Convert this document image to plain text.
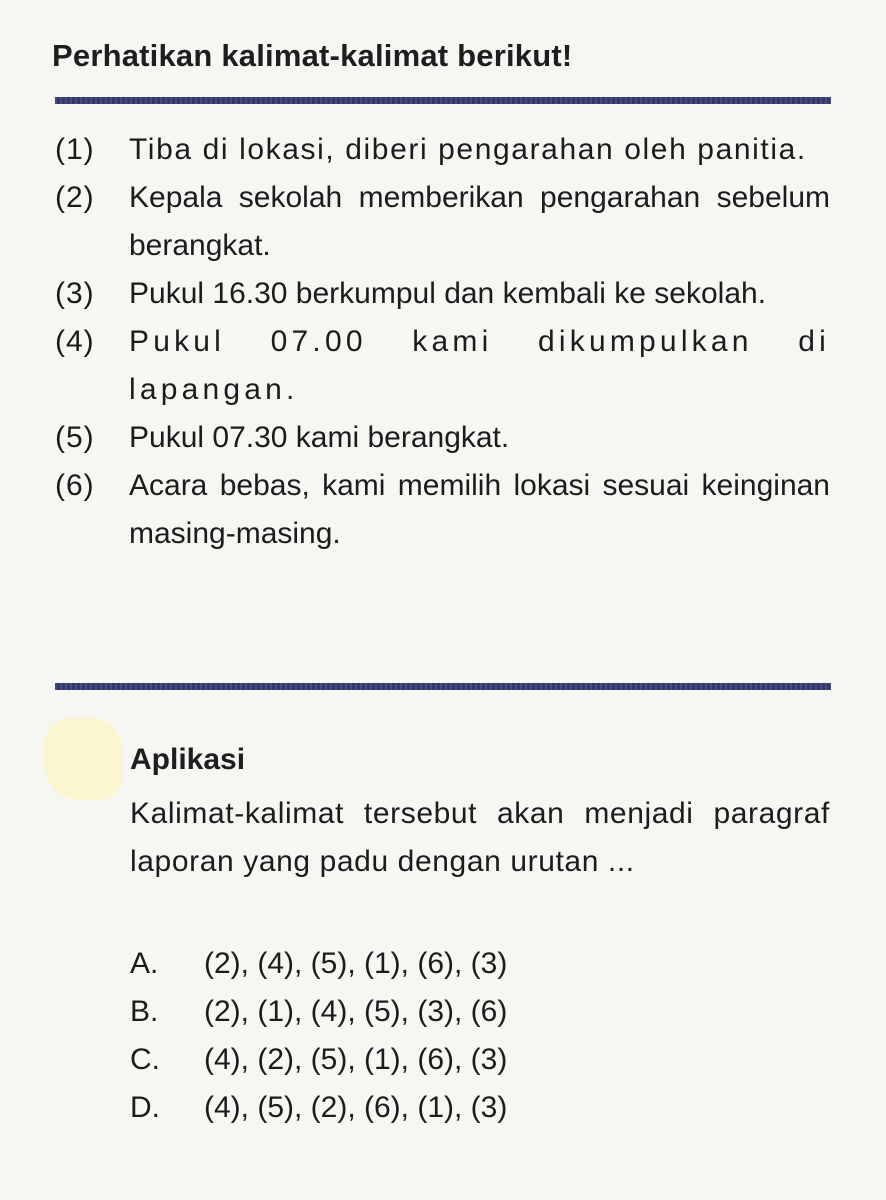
Perhatikan kalimat-kalimat berikut!
(1)	Tiba di lokasi, diberi pengarahan oleh panitia.
(2)	Kepala sekolah memberikan pengarahan sebelum berangkat.
(3)	Pukul 16.30 berkumpul dan kembali ke sekolah.
(4)	Pukul 07.00 kami dikumpulkan di lapangan.
(5)	Pukul 07.30 kami berangkat.
(6)	Acara bebas, kami memilih lokasi sesuai keinginan masing-masing.
Aplikasi
Kalimat-kalimat tersebut akan menjadi paragraf laporan yang padu dengan urutan ...
A.	(2), (4), (5), (1), (6), (3)
B.	(2), (1), (4), (5), (3), (6)
C.	(4), (2), (5), (1), (6), (3)
D.	(4), (5), (2), (6), (1), (3)
